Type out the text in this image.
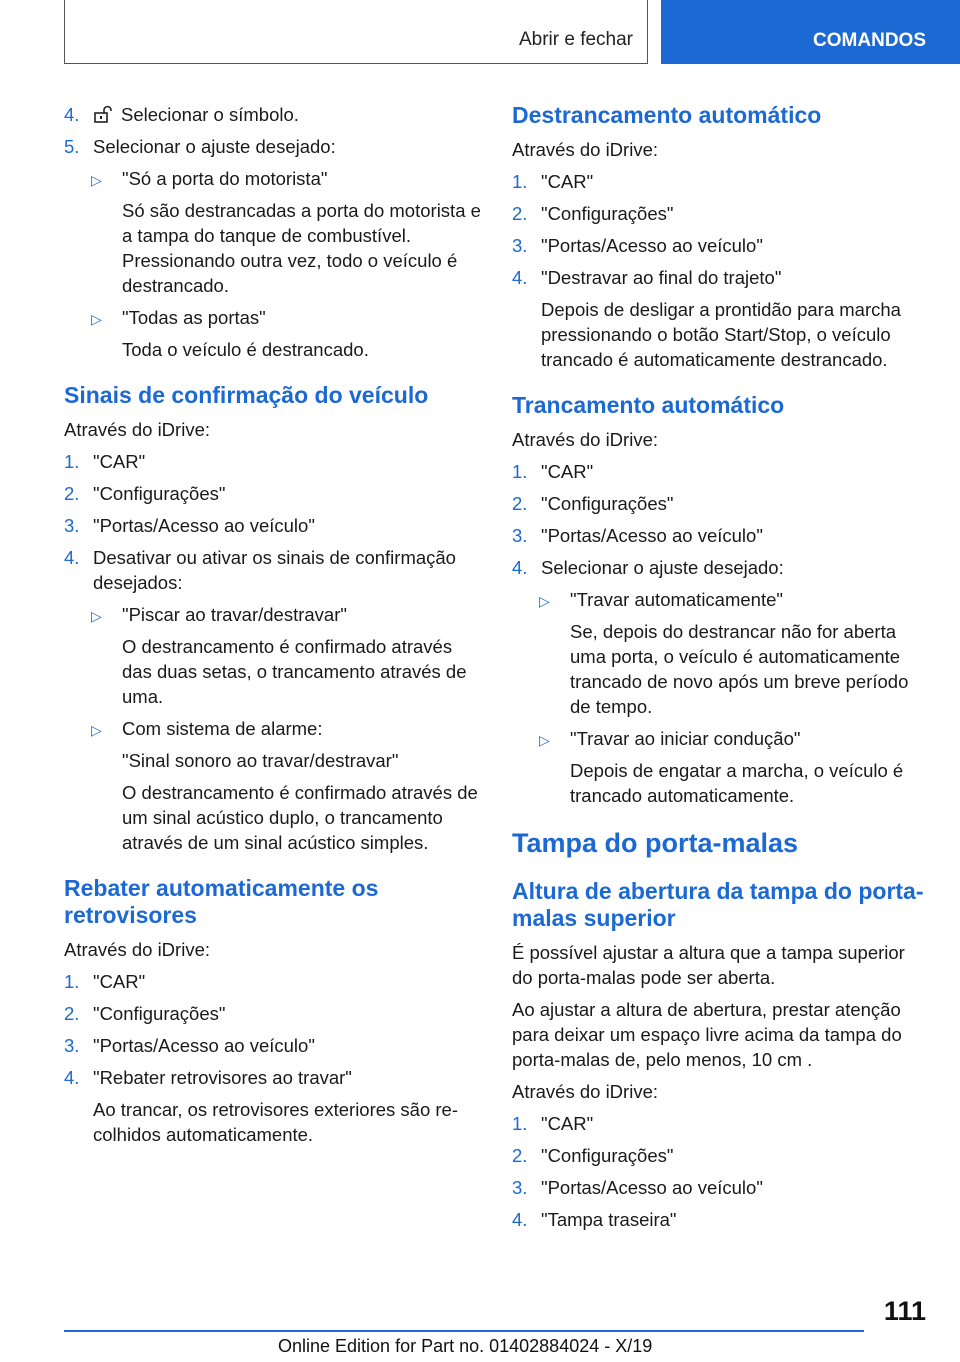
Abrir e fechar	COMANDOS
4. Selecionar o símbolo.
5. Selecionar o ajuste desejado:
▷ "Só a porta do motorista"
Só são destrancadas a porta do motorista e a tampa do tanque de combustível. Pressionando outra vez, todo o veículo é destrancado.
▷ "Todas as portas"
Toda o veículo é destrancado.
Sinais de confirmação do veículo

Através do iDrive:

1. "CAR"
2. "Configurações"
3. "Portas/Acesso ao veículo"
4. Desativar ou ativar os sinais de confirmação desejados:
▷ "Piscar ao travar/destravar"
O destrancamento é confirmado através das duas setas, o trancamento através de uma.
▷ Com sistema de alarme:
"Sinal sonoro ao travar/destravar"
O destrancamento é confirmado através de um sinal acústico duplo, o trancamento através de um sinal acústico simples.
Rebater automaticamente os retrovisores

Através do iDrive:

1. "CAR"
2. "Configurações"
3. "Portas/Acesso ao veículo"
4. "Rebater retrovisores ao travar"
Ao trancar, os retrovisores exteriores são re-colhidos automaticamente.
Destrancamento automático

Através do iDrive:

1. "CAR"
2. "Configurações"
3. "Portas/Acesso ao veículo"
4. "Destravar ao final do trajeto"
Depois de desligar a prontidão para marcha pressionando o botão Start/Stop, o veículo trancado é automaticamente destrancado.
Trancamento automático

Através do iDrive:

1. "CAR"
2. "Configurações"
3. "Portas/Acesso ao veículo"
4. Selecionar o ajuste desejado:
▷ "Travar automaticamente"
Se, depois do destrancar não for aberta uma porta, o veículo é automaticamente trancado de novo após um breve período de tempo.
▷ "Travar ao iniciar condução"
Depois de engatar a marcha, o veículo é trancado automaticamente.
Tampa do porta-malas
Altura de abertura da tampa do porta-malas superior

É possível ajustar a altura que a tampa superior do porta-malas pode ser aberta.

Ao ajustar a altura de abertura, prestar atenção para deixar um espaço livre acima da tampa do porta-malas de, pelo menos, 10 cm .

Através do iDrive:

1. "CAR"
2. "Configurações"
3. "Portas/Acesso ao veículo"
4. "Tampa traseira"
111
Online Edition for Part no. 01402884024 - X/19
